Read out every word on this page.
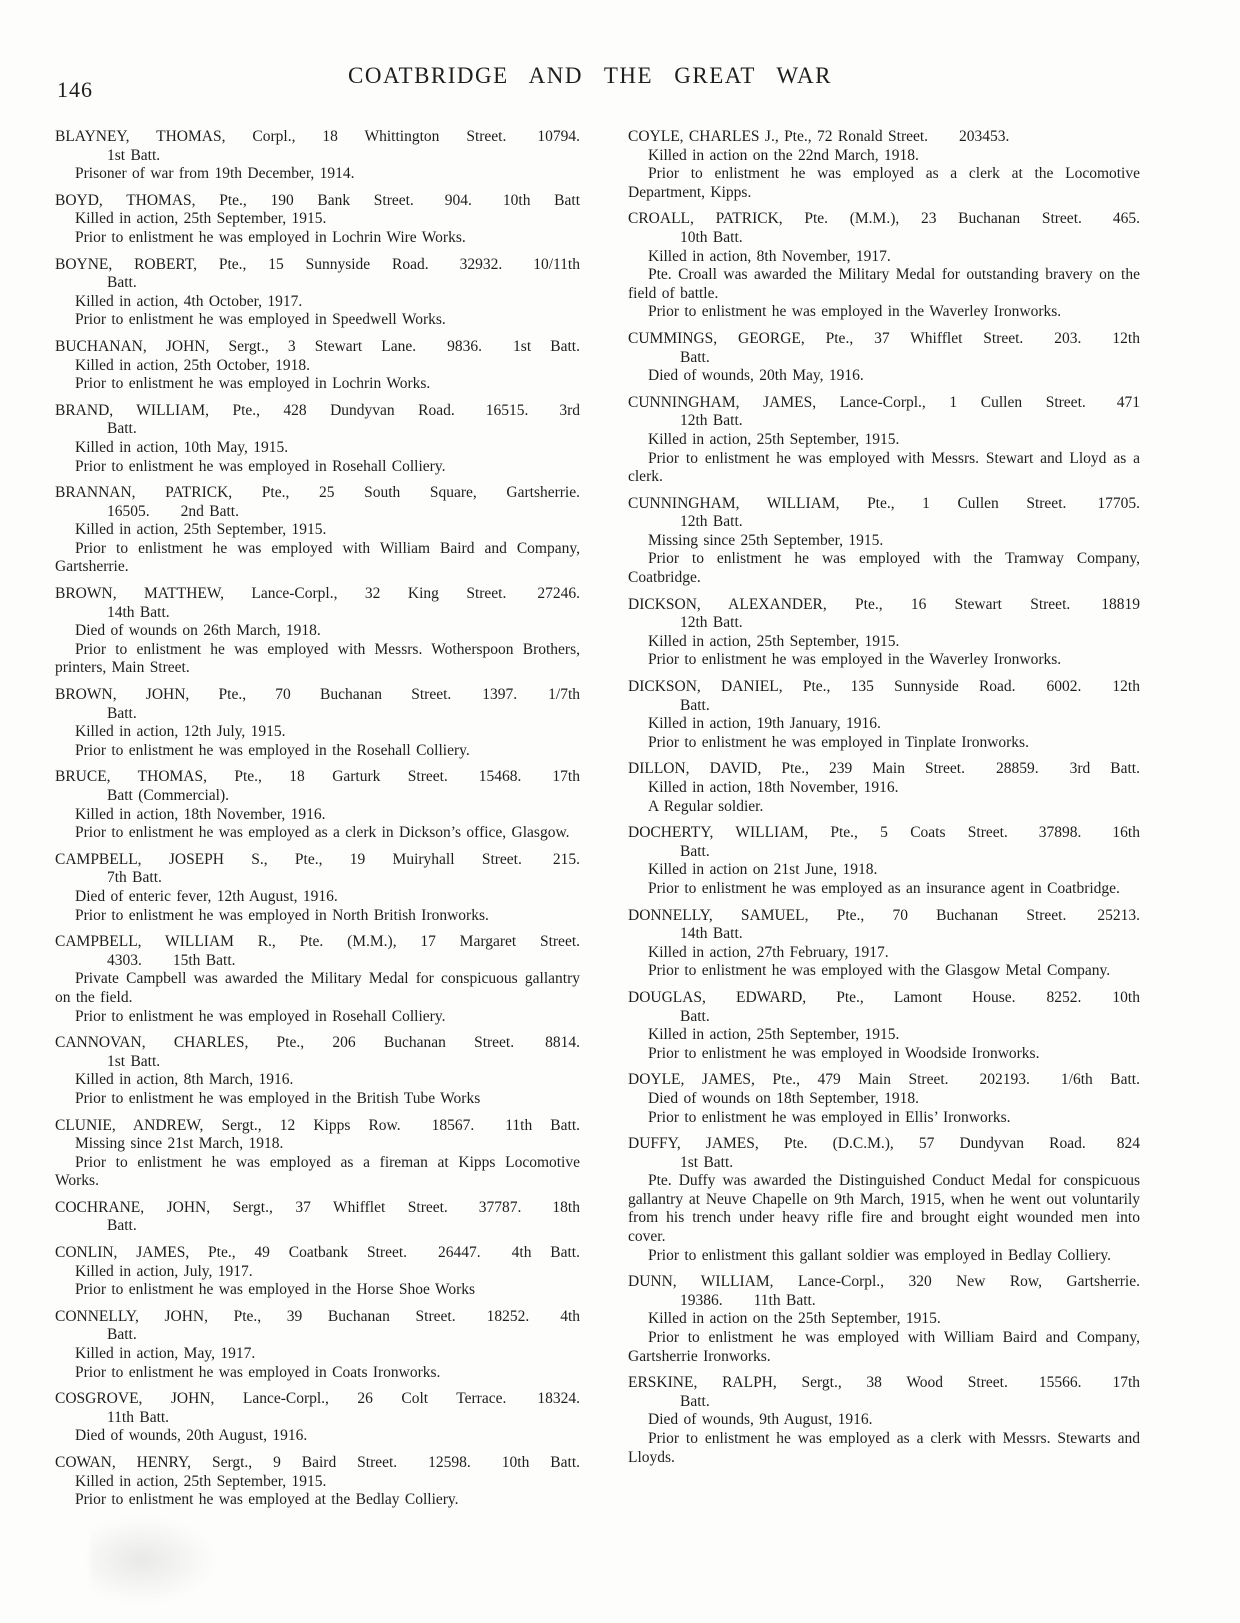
146
COATBRIDGE AND THE GREAT WAR
BLAYNEY, THOMAS, Corpl., 18 Whittington Street.  10794.
1st Batt.

Prisoner of war from 19th December, 1914.

BOYD, THOMAS, Pte., 190 Bank Street.  904.  10th Batt

Killed in action, 25th September, 1915.

Prior to enlistment he was employed in Lochrin Wire Works.

BOYNE, ROBERT, Pte., 15 Sunnyside Road.  32932.  10/11th
Batt.

Killed in action, 4th October, 1917.

Prior to enlistment he was employed in Speedwell Works.

BUCHANAN, JOHN, Sergt., 3 Stewart Lane.  9836.  1st Batt.

Killed in action, 25th October, 1918.

Prior to enlistment he was employed in Lochrin Works.

BRAND, WILLIAM, Pte., 428 Dundyvan Road.  16515.  3rd
Batt.

Killed in action, 10th May, 1915.

Prior to enlistment he was employed in Rosehall Colliery.

BRANNAN, PATRICK, Pte., 25 South Square, Gartsherrie.
16505.  2nd Batt.

Killed in action, 25th September, 1915.

Prior to enlistment he was employed with William Baird and Company, Gartsherrie.

BROWN, MATTHEW, Lance-Corpl., 32 King Street.  27246.
14th Batt.

Died of wounds on 26th March, 1918.

Prior to enlistment he was employed with Messrs. Wotherspoon Brothers, printers, Main Street.

BROWN, JOHN, Pte., 70 Buchanan Street.  1397.  1/7th
Batt.

Killed in action, 12th July, 1915.

Prior to enlistment he was employed in the Rosehall Colliery.

BRUCE, THOMAS, Pte., 18 Garturk Street.  15468.  17th
Batt (Commercial).

Killed in action, 18th November, 1916.

Prior to enlistment he was employed as a clerk in Dickson’s office, Glasgow.

CAMPBELL, JOSEPH S., Pte., 19 Muiryhall Street.  215.
7th Batt.

Died of enteric fever, 12th August, 1916.

Prior to enlistment he was employed in North British Ironworks.

CAMPBELL, WILLIAM R., Pte. (M.M.), 17 Margaret Street.
4303.  15th Batt.

Private Campbell was awarded the Military Medal for conspicuous gallantry on the field.

Prior to enlistment he was employed in Rosehall Colliery.

CANNOVAN, CHARLES, Pte., 206 Buchanan Street.  8814.
1st Batt.

Killed in action, 8th March, 1916.

Prior to enlistment he was employed in the British Tube Works

CLUNIE, ANDREW, Sergt., 12 Kipps Row.  18567.  11th Batt.

Missing since 21st March, 1918.

Prior to enlistment he was employed as a fireman at Kipps Locomotive Works.

COCHRANE, JOHN, Sergt., 37 Whifflet Street.  37787.  18th
Batt.
CONLIN, JAMES, Pte., 49 Coatbank Street.  26447.  4th Batt.

Killed in action, July, 1917.

Prior to enlistment he was employed in the Horse Shoe Works

CONNELLY, JOHN, Pte., 39 Buchanan Street.  18252.  4th
Batt.

Killed in action, May, 1917.

Prior to enlistment he was employed in Coats Ironworks.

COSGROVE, JOHN, Lance-Corpl., 26 Colt Terrace.  18324.
11th Batt.

Died of wounds, 20th August, 1916.

COWAN, HENRY, Sergt., 9 Baird Street.  12598.  10th Batt.

Killed in action, 25th September, 1915.

Prior to enlistment he was employed at the Bedlay Colliery.

COYLE, CHARLES J., Pte., 72 Ronald Street.  203453.

Killed in action on the 22nd March, 1918.

Prior to enlistment he was employed as a clerk at the Locomotive Department, Kipps.

CROALL, PATRICK, Pte. (M.M.), 23 Buchanan Street.  465.
10th Batt.

Killed in action, 8th November, 1917.

Pte. Croall was awarded the Military Medal for outstanding bravery on the field of battle.

Prior to enlistment he was employed in the Waverley Ironworks.

CUMMINGS, GEORGE, Pte., 37 Whifflet Street.  203.  12th
Batt.

Died of wounds, 20th May, 1916.

CUNNINGHAM, JAMES, Lance-Corpl., 1 Cullen Street.  471
12th Batt.

Killed in action, 25th September, 1915.

Prior to enlistment he was employed with Messrs. Stewart and Lloyd as a clerk.

CUNNINGHAM, WILLIAM, Pte., 1 Cullen Street.  17705.
12th Batt.

Missing since 25th September, 1915.

Prior to enlistment he was employed with the Tramway Company, Coatbridge.

DICKSON, ALEXANDER, Pte., 16 Stewart Street.  18819
12th Batt.

Killed in action, 25th September, 1915.

Prior to enlistment he was employed in the Waverley Ironworks.

DICKSON, DANIEL, Pte., 135 Sunnyside Road.  6002.  12th
Batt.

Killed in action, 19th January, 1916.

Prior to enlistment he was employed in Tinplate Ironworks.

DILLON, DAVID, Pte., 239 Main Street.  28859.  3rd Batt.

Killed in action, 18th November, 1916.

A Regular soldier.

DOCHERTY, WILLIAM, Pte., 5 Coats Street.  37898.  16th
Batt.

Killed in action on 21st June, 1918.

Prior to enlistment he was employed as an insurance agent in Coatbridge.

DONNELLY, SAMUEL, Pte., 70 Buchanan Street.  25213.
14th Batt.

Killed in action, 27th February, 1917.

Prior to enlistment he was employed with the Glasgow Metal Company.

DOUGLAS, EDWARD, Pte., Lamont House.  8252.  10th
Batt.

Killed in action, 25th September, 1915.

Prior to enlistment he was employed in Woodside Ironworks.

DOYLE, JAMES, Pte., 479 Main Street.  202193.  1/6th Batt.

Died of wounds on 18th September, 1918.

Prior to enlistment he was employed in Ellis’ Ironworks.

DUFFY, JAMES, Pte. (D.C.M.), 57 Dundyvan Road.  824
1st Batt.

Pte. Duffy was awarded the Distinguished Conduct Medal for conspicuous gallantry at Neuve Chapelle on 9th March, 1915, when he went out voluntarily from his trench under heavy rifle fire and brought eight wounded men into cover.

Prior to enlistment this gallant soldier was employed in Bedlay Colliery.

DUNN, WILLIAM, Lance-Corpl., 320 New Row, Gartsherrie.
19386.  11th Batt.

Killed in action on the 25th September, 1915.

Prior to enlistment he was employed with William Baird and Company, Gartsherrie Ironworks.

ERSKINE, RALPH, Sergt., 38 Wood Street.  15566.  17th
Batt.

Died of wounds, 9th August, 1916.

Prior to enlistment he was employed as a clerk with Messrs. Stewarts and Lloyds.
